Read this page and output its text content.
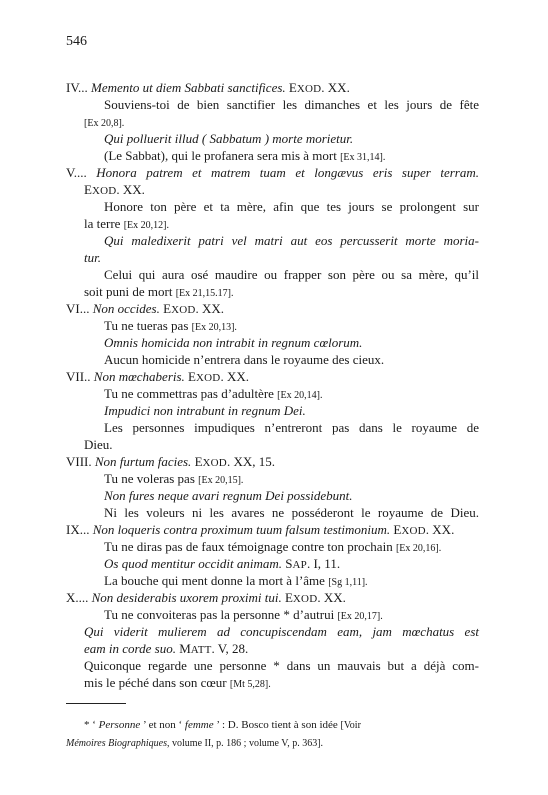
546
IV... Memento ut diem Sabbati sanctifices. EXOD. XX.
Souviens-toi de bien sanctifier les dimanches et les jours de fête
[Ex 20,8].
Qui polluerit illud ( Sabbatum ) morte morietur.
(Le Sabbat), qui le profanera sera mis à mort [Ex 31,14].
V.... Honora patrem et matrem tuam et longævus eris super terram.
EXOD. XX.
Honore ton père et ta mère, afin que tes jours se prolongent sur
la terre [Ex 20,12].
Qui maledixerit patri vel matri aut eos percusserit morte moria-
tur.
Celui qui aura osé maudire ou frapper son père ou sa mère, qu’il
soit puni de mort [Ex 21,15.17].
VI... Non occides. EXOD. XX.
Tu ne tueras pas [Ex 20,13].
Omnis homicida non intrabit in regnum cœlorum.
Aucun homicide n’entrera dans le royaume des cieux.
VII.. Non mœchaberis. EXOD. XX.
Tu ne commettras pas d’adultère [Ex 20,14].
Impudici non intrabunt in regnum Dei.
Les personnes impudiques n’entreront pas dans le royaume de
Dieu.
VIII. Non furtum facies. EXOD. XX, 15.
Tu ne voleras pas [Ex 20,15].
Non fures neque avari regnum Dei possidebunt.
Ni les voleurs ni les avares ne posséderont le royaume de Dieu.
IX... Non loqueris contra proximum tuum falsum testimonium. EXOD. XX.
Tu ne diras pas de faux témoignage contre ton prochain [Ex 20,16].
Os quod mentitur occidit animam. SAP. I, 11.
La bouche qui ment donne la mort à l’âme [Sg 1,11].
X.... Non desiderabis uxorem proximi tui. EXOD. XX.
Tu ne convoiteras pas la personne * d’autrui [Ex 20,17].
Qui viderit mulierem ad concupiscendam eam, jam mœchatus est
eam in corde suo. MATT. V, 28.
Quiconque regarde une personne * dans un mauvais but a déjà com-
mis le péché dans son cœur [Mt 5,28].
* ‘ Personne ’ et non ‘ femme ’ : D. Bosco tient à son idée [Voir
Mémoires Biographiques, volume II, p. 186 ; volume V, p. 363].
